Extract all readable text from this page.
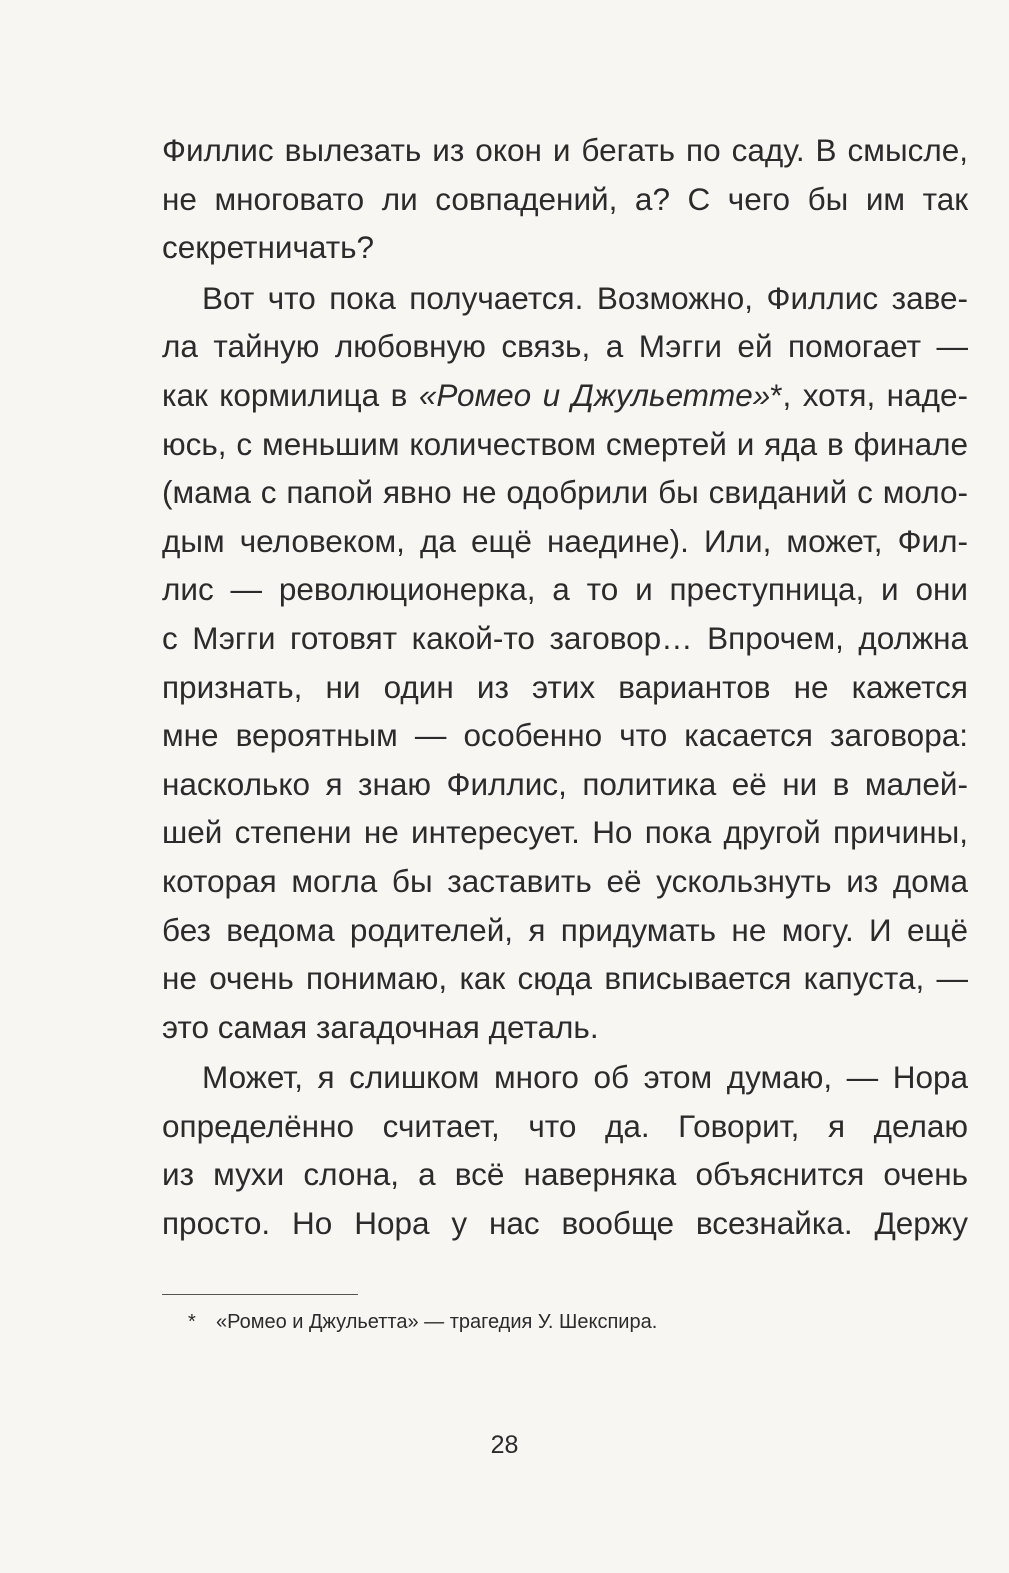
Филлис вылезать из окон и бегать по саду. В смысле,
не многовато ли совпадений, а? С чего бы им так
секретничать?
Вот что пока получается. Возможно, Филлис заве-
ла тайную любовную связь, а Мэгги ей помогает —
как кормилица в «Ромео и Джульетте»*, хотя, наде-
юсь, с меньшим количеством смертей и яда в финале
(мама с папой явно не одобрили бы свиданий с моло-
дым человеком, да ещё наедине). Или, может, Фил-
лис — революционерка, а то и преступница, и они
с Мэгги готовят какой-то заговор… Впрочем, должна
признать, ни один из этих вариантов не кажется
мне вероятным — особенно что касается заговора:
насколько я знаю Филлис, политика её ни в малей-
шей степени не интересует. Но пока другой причины,
которая могла бы заставить её ускользнуть из дома
без ведома родителей, я придумать не могу. И ещё
не очень понимаю, как сюда вписывается капуста, —
это самая загадочная деталь.
Может, я слишком много об этом думаю, — Нора
определённо считает, что да. Говорит, я делаю
из мухи слона, а всё наверняка объяснится очень
просто. Но Нора у нас вообще всезнайка. Держу
* «Ромео и Джульетта» — трагедия У. Шекспира.
28
